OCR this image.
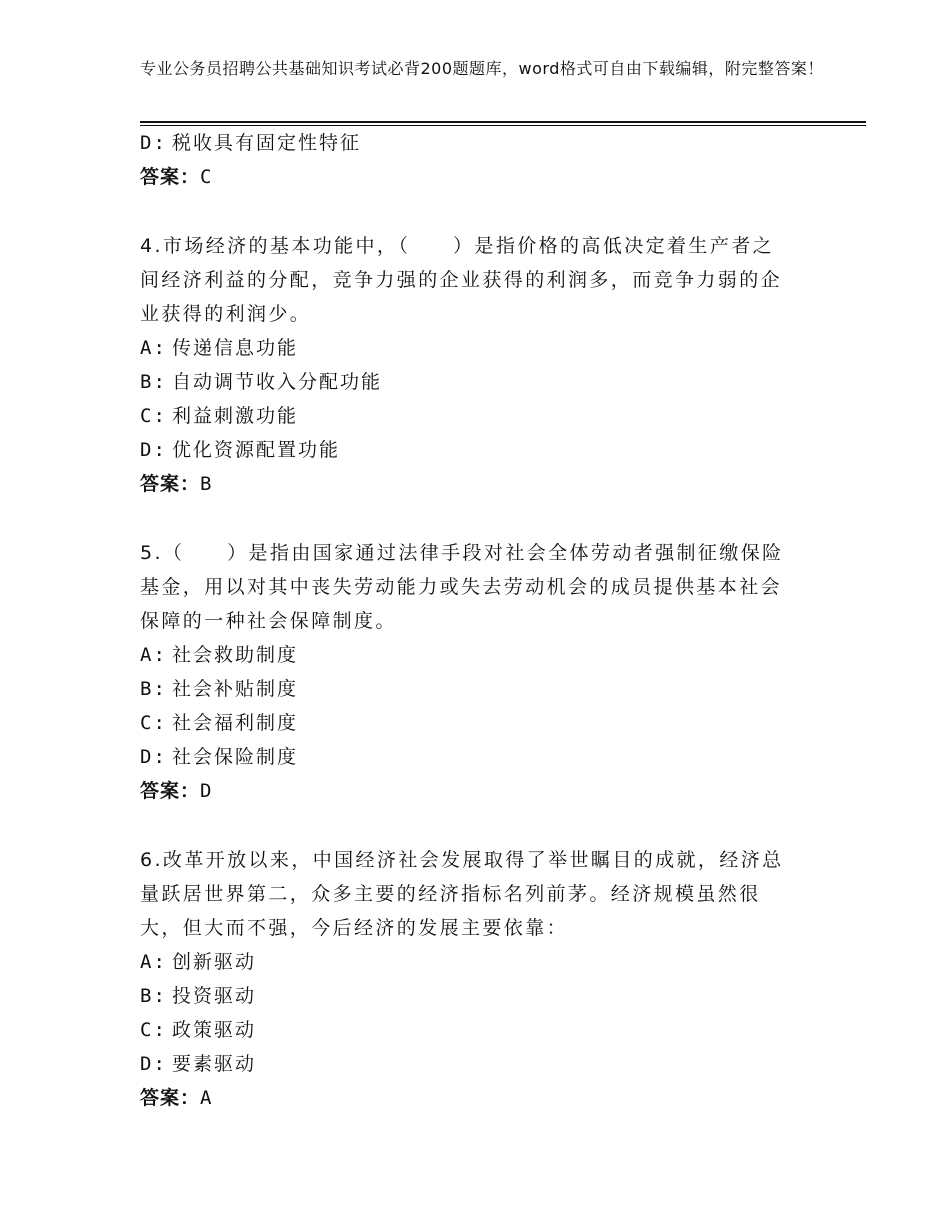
专业公务员招聘公共基础知识考试必背200题题库，word格式可自由下载编辑，附完整答案！
D: 税收具有固定性特征
答案：C
4.市场经济的基本功能中，（　　）是指价格的高低决定着生产者之
间经济利益的分配，竞争力强的企业获得的利润多，而竞争力弱的企
业获得的利润少。
A: 传递信息功能
B: 自动调节收入分配功能
C: 利益刺激功能
D: 优化资源配置功能
答案：B
5.（　　）是指由国家通过法律手段对社会全体劳动者强制征缴保险
基金，用以对其中丧失劳动能力或失去劳动机会的成员提供基本社会
保障的一种社会保障制度。
A: 社会救助制度
B: 社会补贴制度
C: 社会福利制度
D: 社会保险制度
答案：D
6.改革开放以来，中国经济社会发展取得了举世瞩目的成就，经济总
量跃居世界第二，众多主要的经济指标名列前茅。经济规模虽然很
大，但大而不强，今后经济的发展主要依靠：
A: 创新驱动
B: 投资驱动
C: 政策驱动
D: 要素驱动
答案：A
